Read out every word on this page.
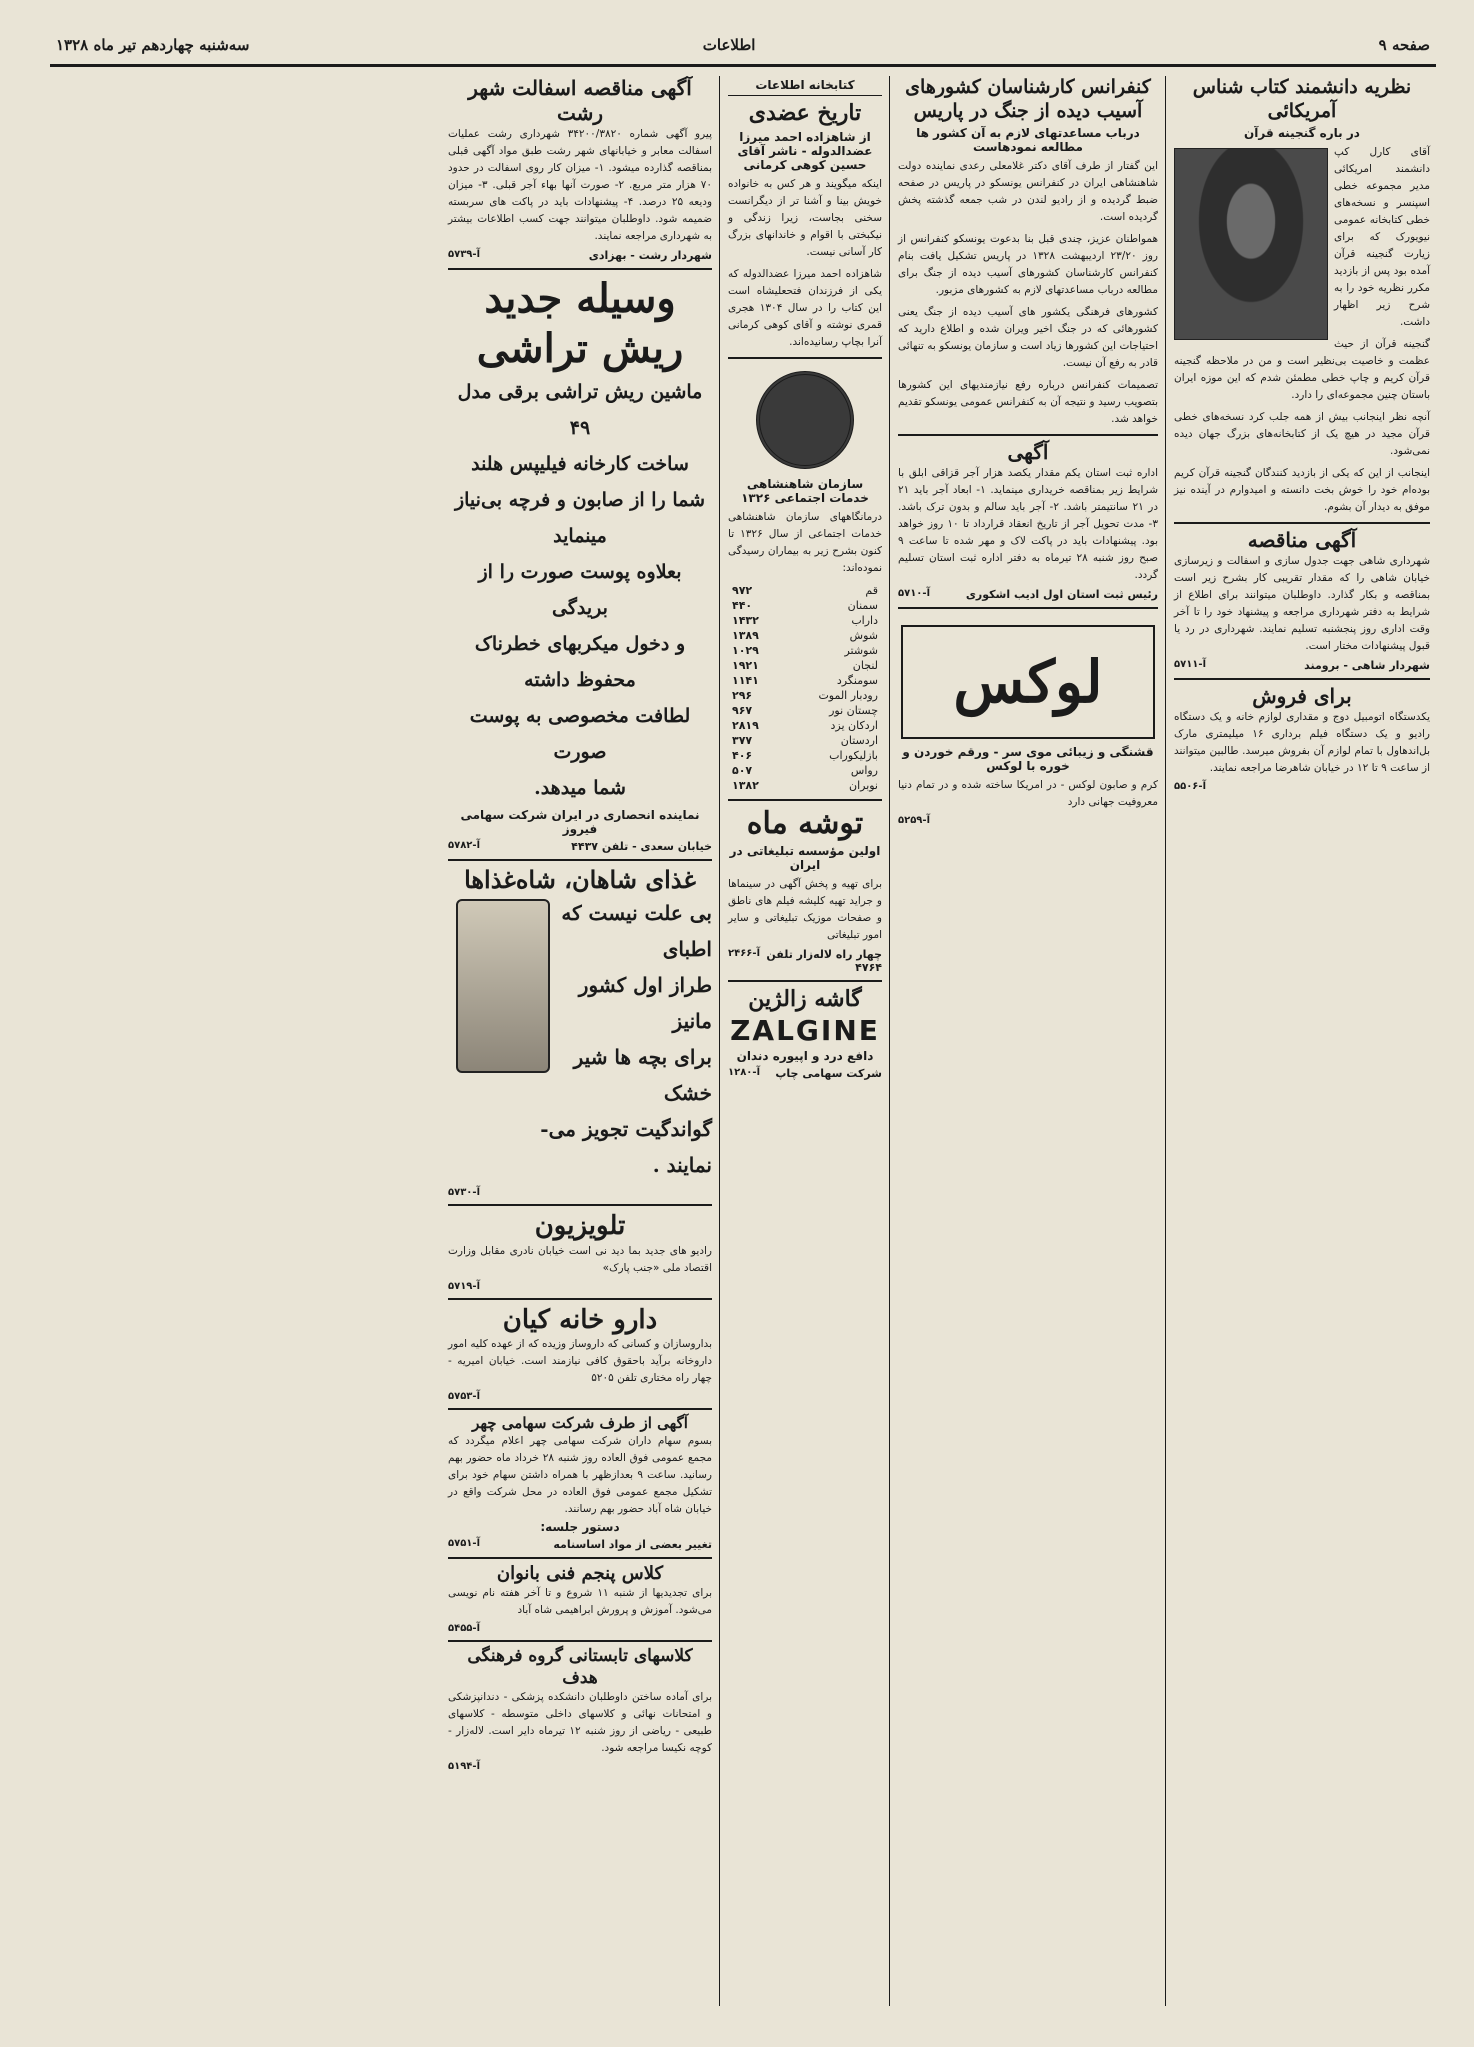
صفحه ۹
اطلاعات
سه‌شنبه چهاردهم تیر ماه ۱۳۲۸
نظریه دانشمند کتاب شناس آمریکائی
در باره گنجینه قرآن

آقای کارل کپ دانشمند امریکائی مدیر مجموعه خطی اسپنسر و نسخه‌های خطی کتابخانه عمومی نیویورک که برای زیارت گنجینه قرآن آمده بود پس از بازدید مکرر نظریه خود را به شرح زیر اظهار داشت.

گنجینه قرآن از حیث عظمت و خاصیت بی‌نظیر است و من در ملاحظه گنجینه قرآن کریم و چاپ خطی مطمئن شدم که این موزه ایران باستان چنین مجموعه‌ای را دارد.

آنچه نظر اینجانب بیش از همه جلب کرد نسخه‌های خطی قرآن مجید در هیچ یک از کتابخانه‌های بزرگ جهان دیده نمی‌شود.

اینجانب از این که یکی از بازدید کنندگان گنجینه قرآن کریم بوده‌ام خود را خوش بخت دانسته و امیدوارم در آینده نیز موفق به دیدار آن بشوم.

آگهی مناقصه

شهرداری شاهی جهت جدول سازی و اسفالت و زیرسازی خیابان شاهی را که مقدار تقریبی کار بشرح زیر است بمناقصه و بکار گذارد. داوطلبان میتوانند برای اطلاع از شرایط به دفتر شهرداری مراجعه و پیشنهاد خود را تا آخر وقت اداری روز پنجشنبه تسلیم نمایند. شهرداری در رد یا قبول پیشنهادات مختار است.

شهردار شاهی - برومند
آ-۵۷۱۱
برای فروش

یکدستگاه اتومبیل دوج و مقداری لوازم خانه و یک دستگاه رادیو و یک دستگاه فیلم برداری ۱۶ میلیمتری مارک بل‌اندهاول با تمام لوازم آن بفروش میرسد. طالبین میتوانند از ساعت ۹ تا ۱۲ در خیابان شاهرضا مراجعه نمایند.

آ-۵۵۰۶
کنفرانس کارشناسان کشورهای آسیب دیده از جنگ در پاریس
درباب مساعدتهای لازم به آن کشور ها مطالعه نمودهاست

این گفتار از طرف آقای دکتر غلامعلی رعدی نماینده دولت شاهنشاهی ایران در کنفرانس یونسکو در پاریس در صفحه ضبط گردیده و از رادیو لندن در شب جمعه گذشته پخش گردیده است.

همواطنان عزیز، چندی قبل بنا بدعوت یونسکو کنفرانس از روز ۲۳/۲۰ اردیبهشت ۱۳۲۸ در پاریس تشکیل یافت بنام کنفرانس کارشناسان کشورهای آسیب دیده از جنگ برای مطالعه درباب مساعدتهای لازم به کشورهای مزبور.

کشورهای فرهنگی یکشور های آسیب دیده از جنگ یعنی کشورهائی که در جنگ اخیر ویران شده و اطلاع دارید که احتیاجات این کشورها زیاد است و سازمان یونسکو به تنهائی قادر به رفع آن نیست.

تصمیمات کنفرانس درباره رفع نیازمندیهای این کشورها بتصویب رسید و نتیجه آن به کنفرانس عمومی یونسکو تقدیم خواهد شد.

آگهی

اداره ثبت استان یکم مقدار یکصد هزار آجر قزاقی ابلق با شرایط زیر بمناقصه خریداری مینماید. ۱- ابعاد آجر باید ۲۱ در ۲۱ سانتیمتر باشد. ۲- آجر باید سالم و بدون ترک باشد. ۳- مدت تحویل آجر از تاریخ انعقاد قرارداد تا ۱۰ روز خواهد بود. پیشنهادات باید در پاکت لاک و مهر شده تا ساعت ۹ صبح روز شنبه ۲۸ تیرماه به دفتر اداره ثبت استان تسلیم گردد.

رئیس ثبت استان اول ادیب اشکوری
آ-۵۷۱۰
لوکس
قشنگی و زیبائی موی سر - ورقم خوردن و خوره با لوکس

کرم و صابون لوکس - در امریکا ساخته شده و در تمام دنیا معروفیت جهانی دارد

آ-۵۲۵۹
کتابخانه اطلاعات
تاریخ عضدی
از شاهزاده احمد میرزا عضدالدوله - ناشر آقای حسین کوهی کرمانی

اینکه میگویند و هر کس به خانواده خویش بینا و آشنا تر از دیگرانست سخنی بجاست، زیرا زندگی و نیکبختی با اقوام و خاندانهای بزرگ کار آسانی نیست.

شاهزاده احمد میرزا عضدالدوله که یکی از فرزندان فتحعلیشاه است این کتاب را در سال ۱۳۰۴ هجری قمری نوشته و آقای کوهی کرمانی آنرا بچاپ رسانیده‌اند.

سازمان شاهنشاهی خدمات اجتماعی ۱۳۲۶

درمانگاههای سازمان شاهنشاهی خدمات اجتماعی از سال ۱۳۲۶ تا کنون بشرح زیر به بیماران رسیدگی نموده‌اند:

قم	۹۷۲
سمنان	۴۴۰
داراب	۱۴۳۲
شوش	۱۳۸۹
شوشتر	۱۰۲۹
لنجان	۱۹۲۱
سومنگرد	۱۱۴۱
رودبار الموت	۲۹۶
چستان نور	۹۶۷
اردکان یزد	۲۸۱۹
اردستان	۳۷۷
بازلیکوراب	۴۰۶
رواس	۵۰۷
نوبران	۱۳۸۲
توشه ماه
اولین مؤسسه تبلیغاتی در ایران

برای تهیه و پخش آگهی در سینماها و جراید تهیه کلیشه فیلم های ناطق و صفحات موزیک تبلیغاتی و سایر امور تبلیغاتی

چهار راه لاله‌زار تلفن ۴۷۶۴
آ-۲۴۶۶
گاشه زالژین
ZALGINE
دافع درد و اپیوره دندان
شرکت سهامی چاپ
آ-۱۲۸۰
آگهی مناقصه اسفالت شهر رشت

پیرو آگهی شماره ۳۴۲۰۰/۳۸۲۰ شهرداری رشت عملیات اسفالت معابر و خیابانهای شهر رشت طبق مواد آگهی قبلی بمناقصه گذارده میشود. ۱- میزان کار روی اسفالت در حدود ۷۰ هزار متر مربع. ۲- صورت آنها بهاء آجر قبلی. ۳- میزان ودیعه ۲۵ درصد. ۴- پیشنهادات باید در پاکت های سربسته ضمیمه شود. داوطلبان میتوانند جهت کسب اطلاعات بیشتر به شهرداری مراجعه نمایند.

شهردار رشت - بهزادی
آ-۵۷۳۹
وسیله جدید ریش تراشی
ماشین ریش تراشی برقی مدل ۴۹
ساخت کارخانه فیلیپس هلند
شما را از صابون و فرچه بی‌نیاز مینماید
بعلاوه پوست صورت را از بریدگی
و دخول میکربهای خطرناک محفوظ داشته
لطافت مخصوصی به پوست صورت
شما میدهد.
نماینده انحصاری در ایران شرکت سهامی فیروز
خیابان سعدی - تلفن ۴۴۳۷
آ-۵۷۸۲
غذای شاهان، شاه‌غذاها
بی علت نیست که اطبای
طراز اول کشور مانیز
برای بچه ها شیر خشک
گواندگیت تجویز می-
نمایند .
آ-۵۷۳۰
تلویزیون

رادیو های جدید بما دید نی است خیابان نادری مقابل وزارت اقتصاد ملی «جنب پارک»

آ-۵۷۱۹
دارو خانه کیان

بداروسازان و کسانی که داروساز وزیده که از عهده کلیه امور داروخانه برآید باحقوق کافی نیازمند است. خیابان امیریه - چهار راه مختاری تلفن ۵۲۰۵

آ-۵۷۵۳
آگهی از طرف شرکت سهامی چهر

بسوم سهام داران شرکت سهامی چهر اعلام میگردد که مجمع عمومی فوق العاده روز شنبه ۲۸ خرداد ماه حضور بهم رسانید. ساعت ۹ بعدازظهر با همراه داشتن سهام خود برای تشکیل مجمع عمومی فوق العاده در محل شرکت واقع در خیابان شاه آباد حضور بهم رسانند.

دستور جلسه:
تغییر بعضی از مواد اساسنامه
آ-۵۷۵۱
کلاس پنجم فنی بانوان

برای تجدیدیها از شنبه ۱۱ شروع و تا آخر هفته نام نویسی می‌شود. آموزش و پرورش ابراهیمی شاه آباد

آ-۵۴۵۵
کلاسهای تابستانی گروه فرهنگی هدف

برای آماده ساختن داوطلبان دانشکده پزشکی - دندانپزشکی و امتحانات نهائی و کلاسهای داخلی متوسطه - کلاسهای طبیعی - ریاضی از روز شنبه ۱۲ تیرماه دایر است. لاله‌زار - کوچه نکیسا مراجعه شود.

آ-۵۱۹۴
